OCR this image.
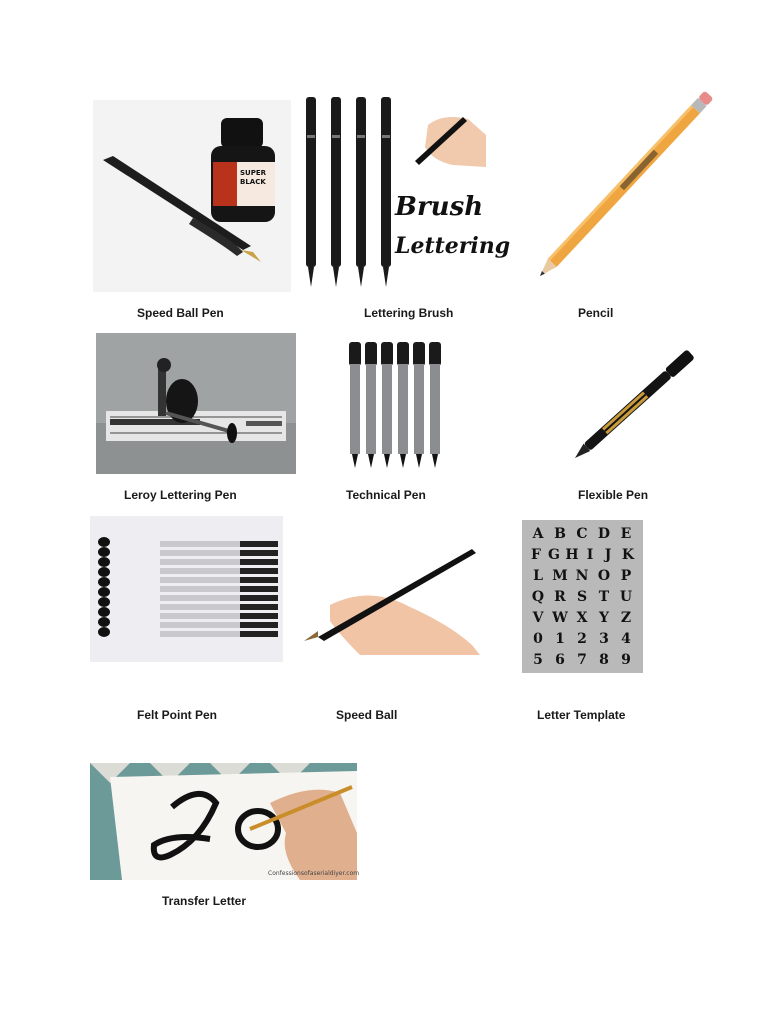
SUPER
BLACK
Brush
Lettering
Speed Ball Pen	Lettering Brush	Pencil
Leroy Lettering Pen	Technical Pen	Flexible Pen
A B C D E
F G H I J K
L M N O P
Q R S T U
V W X Y Z
0 1 2 3 4
5 6 7 8 9
Felt Point Pen	Speed Ball	Letter Template
Confessionsofaserialdiyer.com
Transfer Letter
